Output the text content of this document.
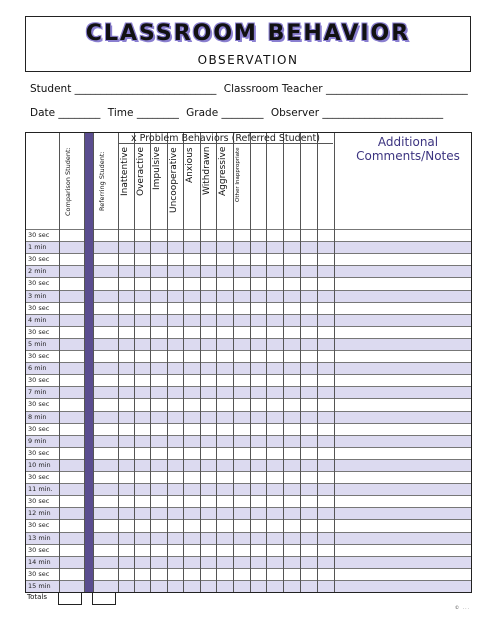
CLASSROOM BEHAVIOR
OBSERVATION
Student ___________________________ Classroom Teacher ___________________________
Date ________ Time ________ Grade ________ Observer _______________________
30 sec
1 min
30 sec
2 min
30 sec
3 min
30 sec
4 min
30 sec
5 min
30 sec
6 min
30 sec
7 min
30 sec
8 min
30 sec
9 min
30 sec
10 min
30 sec
11 min.
30 sec
12 min
30 sec
13 min
30 sec
14 min
30 sec
15 min
Comparison Student:	Referring Student:
x Problem Behaviors (Referred Student)
Inattentive Overactive Impulsive Uncooperative Anxious Withdrawn Aggressive Other Inappropriate
Additional Comments/Notes
Totals
© ...
